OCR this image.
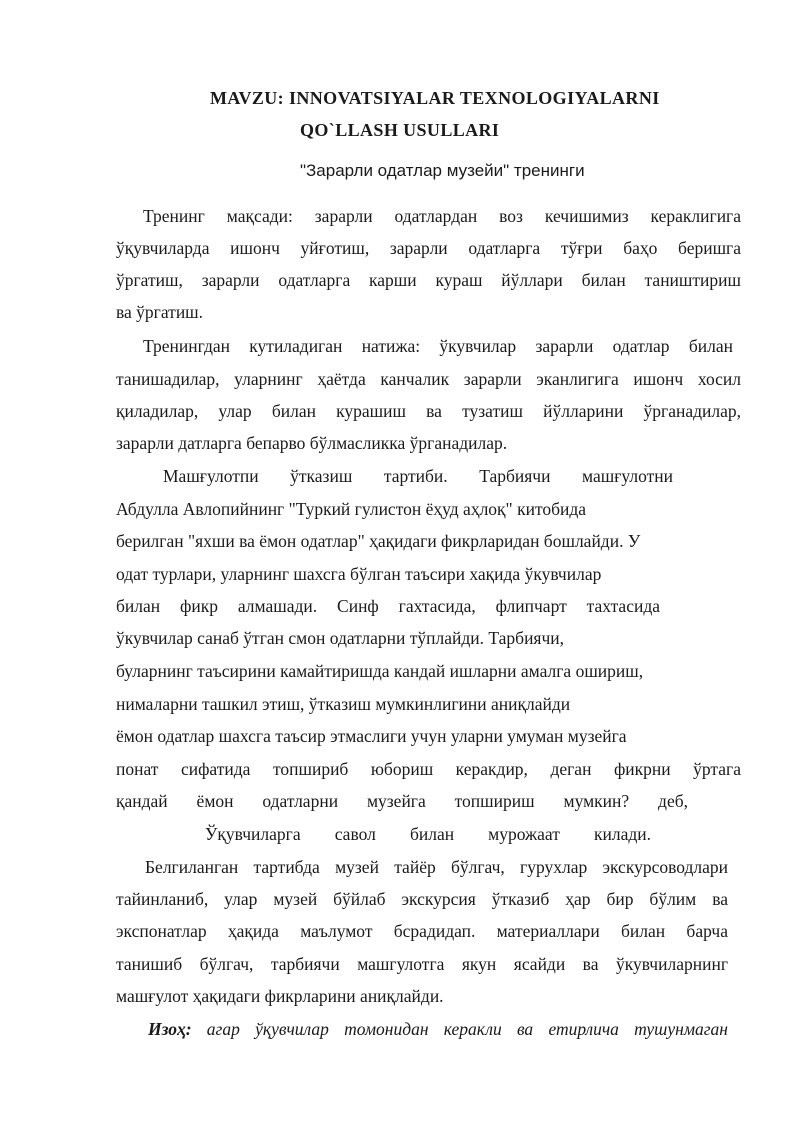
MAVZU: INNOVATSIYALAR TEXNOLOGIYALARNI
QO`LLASH USULLARI
"Зарарли одатлар музейи" тренинги
Тренинг мақсади: зарарли одатлардан воз кечишимиз кераклигига
ўқувчиларда ишонч уйғотиш, зарарли одатларга тўғри баҳо беришга
ўргатиш, зарарли одатларга карши кураш йўллари билан таништириш
ва ўргатиш.
Тренингдан кутиладиган натижа: ўкувчилар зарарли одатлар билан
танишадилар, уларнинг ҳаётда канчалик зарарли эканлигига ишонч хосил
қиладилар, улар билан курашиш ва тузатиш йўлларини ўрганадилар,
зарарли датларга бепарво бўлмасликка ўрганадилар.
Машғулотпи ўтказиш тартиби. Тарбиячи машғулотни
Абдулла Авлопийнинг "Туркий гулистон ёҳуд аҳлоқ" китобида
берилган "яхши ва ёмон одатлар" ҳақидаги фикрларидан бошлайди. У
одат турлари, уларнинг шахсга бўлган таъсири хақида ўкувчилар
билан фикр алмашади. Синф гахтасида, флипчарт тахтасида
ўкувчилар санаб ўтган смон одатларни тўплайди. Тарбиячи,
буларнинг таъсирини камайтиришда кандай ишларни амалга ошириш,
нималарни ташкил этиш, ўтказиш мумкинлигини аниқлайди
ёмон одатлар шахсга таъсир этмаслиги учун уларни умуман музейга
понат сифатида топшириб юбориш керакдир, деган фикрни ўртага
қандай ёмон одатларни музейга топшириш мумкин? деб,
Ўқувчиларга савол билан мурожаат килади.
Белгиланган тартибда музей тайёр бўлгач, гурухлар экскурсоводлари
тайинланиб, улар музей бўйлаб экскурсия ўтказиб ҳар бир бўлим ва
экспонатлар ҳақида маълумот бсрадидап. материаллари билан барча
танишиб бўлгач, тарбиячи машгулотга якун ясайди ва ўкувчиларнинг
машғулот ҳақидаги фикрларини аниқлайди.
Изоҳ: агар ўқувчилар томонидан керакли ва етирлича тушунмаган
